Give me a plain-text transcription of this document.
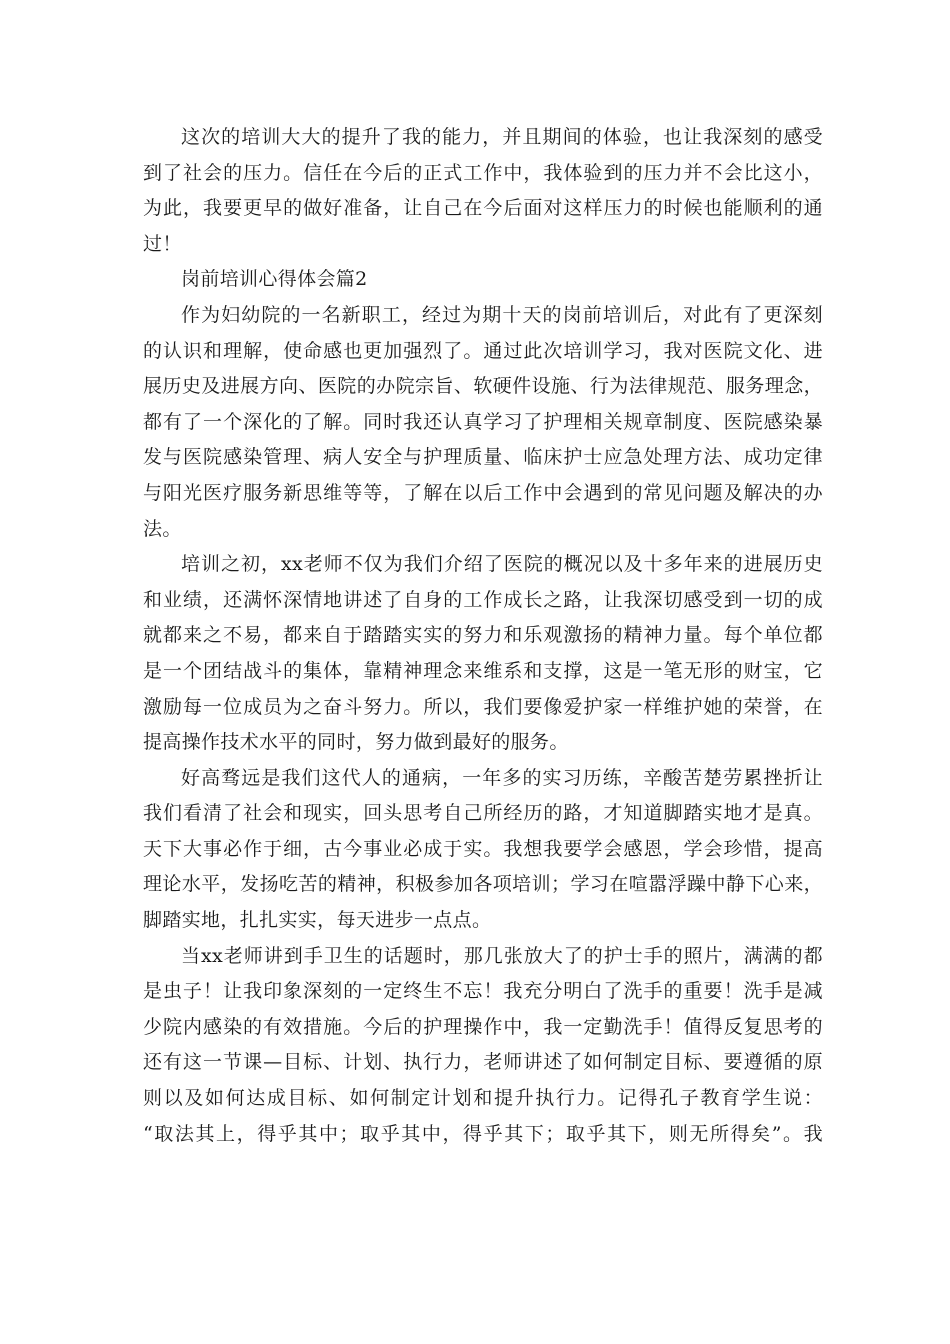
这次的培训大大的提升了我的能力，并且期间的体验，也让我深刻的感受
到了社会的压力。信任在今后的正式工作中，我体验到的压力并不会比这小，
为此，我要更早的做好准备，让自己在今后面对这样压力的时候也能顺利的通
过！
岗前培训心得体会篇2
作为妇幼院的一名新职工，经过为期十天的岗前培训后，对此有了更深刻
的认识和理解，使命感也更加强烈了。通过此次培训学习，我对医院文化、进
展历史及进展方向、医院的办院宗旨、软硬件设施、行为法律规范、服务理念，
都有了一个深化的了解。同时我还认真学习了护理相关规章制度、医院感染暴
发与医院感染管理、病人安全与护理质量、临床护士应急处理方法、成功定律
与阳光医疗服务新思维等等，了解在以后工作中会遇到的常见问题及解决的办
法。
培训之初，xx老师不仅为我们介绍了医院的概况以及十多年来的进展历史
和业绩，还满怀深情地讲述了自身的工作成长之路，让我深切感受到一切的成
就都来之不易，都来自于踏踏实实的努力和乐观激扬的精神力量。每个单位都
是一个团结战斗的集体，靠精神理念来维系和支撑，这是一笔无形的财宝，它
激励每一位成员为之奋斗努力。所以，我们要像爱护家一样维护她的荣誉，在
提高操作技术水平的同时，努力做到最好的服务。
好高骛远是我们这代人的通病，一年多的实习历练，辛酸苦楚劳累挫折让
我们看清了社会和现实，回头思考自己所经历的路，才知道脚踏实地才是真。
天下大事必作于细，古今事业必成于实。我想我要学会感恩，学会珍惜，提高
理论水平，发扬吃苦的精神，积极参加各项培训；学习在喧嚣浮躁中静下心来，
脚踏实地，扎扎实实，每天进步一点点。
当xx老师讲到手卫生的话题时，那几张放大了的护士手的照片，满满的都
是虫子！让我印象深刻的一定终生不忘！我充分明白了洗手的重要！洗手是减
少院内感染的有效措施。今后的护理操作中，我一定勤洗手！值得反复思考的
还有这一节课—目标、计划、执行力，老师讲述了如何制定目标、要遵循的原
则以及如何达成目标、如何制定计划和提升执行力。记得孔子教育学生说：
“取法其上，得乎其中；取乎其中，得乎其下；取乎其下，则无所得矣”。我
